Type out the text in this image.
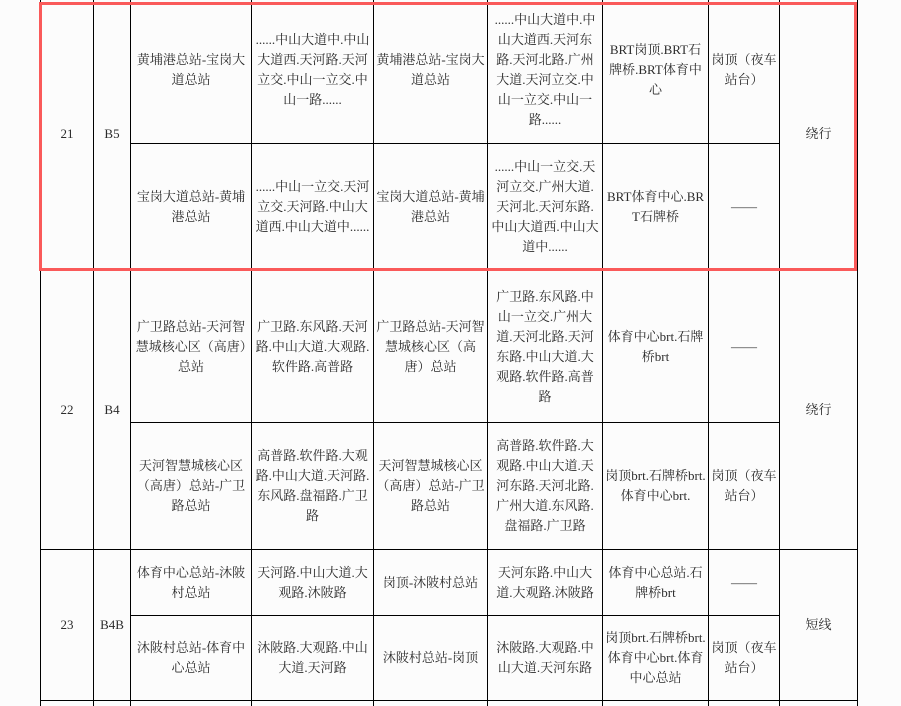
21	B5	黄埔港总站-宝岗大道总站	......中山大道中.中山大道西.天河路.天河立交.中山一立交.中山一路......	黄埔港总站-宝岗大道总站	......中山大道中.中山大道西.天河东路.天河北路.广州大道.天河立交.中山一立交.中山一路......	BRT岗顶.BRT石牌桥.BRT体育中心	岗顶（夜车站台）	绕行
		宝岗大道总站-黄埔港总站	......中山一立交.天河立交.天河路.中山大道西.中山大道中......	宝岗大道总站-黄埔港总站	......中山一立交.天河立交.广州大道.天河北.天河东路.中山大道西.中山大道中......	BRT体育中心.BRT石牌桥	——	
22	B4	广卫路总站-天河智慧城核心区（高唐）总站	广卫路.东风路.天河路.中山大道.大观路.软件路.高普路	广卫路总站-天河智慧城核心区（高唐）总站	广卫路.东风路.中山一立交.广州大道.天河北路.天河东路.中山大道.大观路.软件路.高普路	体育中心brt.石牌桥brt	——	绕行
		天河智慧城核心区（高唐）总站-广卫路总站	高普路.软件路.大观路.中山大道.天河路.东风路.盘福路.广卫路	天河智慧城核心区（高唐）总站-广卫路总站	高普路.软件路.大观路.中山大道.天河东路.天河北路.广州大道.东风路.盘福路.广卫路	岗顶brt.石牌桥brt.体育中心brt.	岗顶（夜车站台）	
23	B4B	体育中心总站-沐陂村总站	天河路.中山大道.大观路.沐陂路	岗顶-沐陂村总站	天河东路.中山大道.大观路.沐陂路	体育中心总站.石牌桥brt	——	短线
		沐陂村总站-体育中心总站	沐陂路.大观路.中山大道.天河路	沐陂村总站-岗顶	沐陂路.大观路.中山大道.天河东路	岗顶brt.石牌桥brt.体育中心brt.体育中心总站	岗顶（夜车站台）	
